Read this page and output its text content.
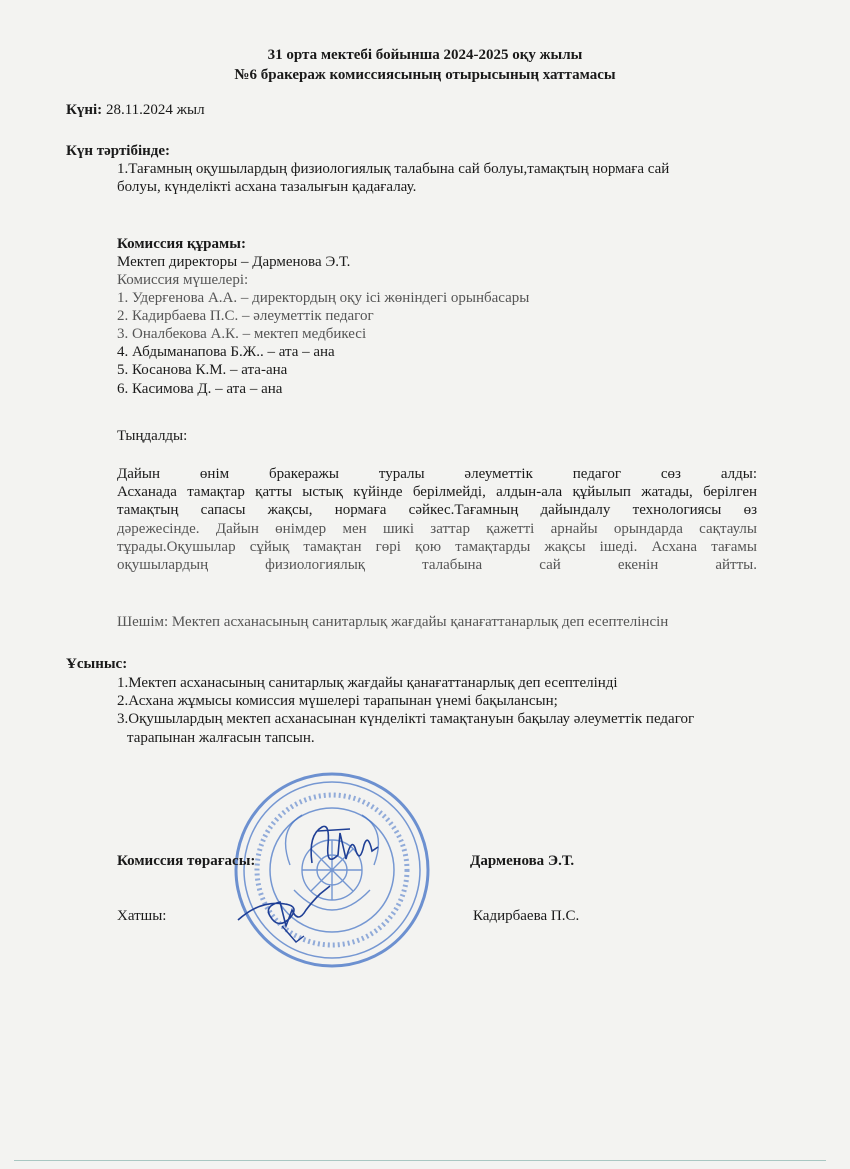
31 орта мектебі бойынша 2024-2025 оқу жылы
№6 бракераж комиссиясының отырысының хаттамасы
Күні: 28.11.2024 жыл
Күн тәртібінде:
1.Тағамның оқушылардың физиологиялық талабына сай болуы,тамақтың нормаға сай
болуы, күнделікті асхана тазалығын қадағалау.
Комиссия құрамы:
Мектеп директоры – Дарменова Э.Т.
Комиссия мүшелері:
1. Удерғенова А.А. – директордың оқу ісі жөніндегі орынбасары
2. Кадирбаева П.С. – әлеуметтік педагог
3. Оналбекова А.К. – мектеп медбикесі
4. Абдыманапова Б.Ж.. – ата – ана
5. Косанова К.М. – ата-ана
6. Касимова Д. – ата – ана
Тыңдалды:
Дайын өнім бракеражы туралы әлеуметтік педагог сөз алды:
Асханада тамақтар қатты ыстық күйінде берілмейді, алдын-ала құйылып жатады, берілген
тамақтың сапасы жақсы, нормаға сәйкес.Тағамның дайындалу технологиясы өз
дәрежесінде. Дайын өнімдер мен шикі заттар қажетті арнайы орындарда сақтаулы
тұрады.Оқушылар сұйық тамақтан гөрі қою тамақтарды жақсы ішеді. Асхана тағамы
оқушылардың физиологиялық талабына сай екенін айтты.
Шешім: Мектеп асханасының санитарлық жағдайы қанағаттанарлық деп есептелінсін
Ұсыныс:
1.Мектеп асханасының санитарлық жағдайы қанағаттанарлық деп есептелінді
2.Асхана жұмысы комиссия мүшелері тарапынан үнемі бақылансын;
3.Оқушылардың мектеп асханасынан күнделікті тамақтануын бақылау әлеуметтік педагог
тарапынан жалғасын тапсын.
Комиссия төрағасы:	Дарменова Э.Т.
Хатшы:	Кадирбаева П.С.
